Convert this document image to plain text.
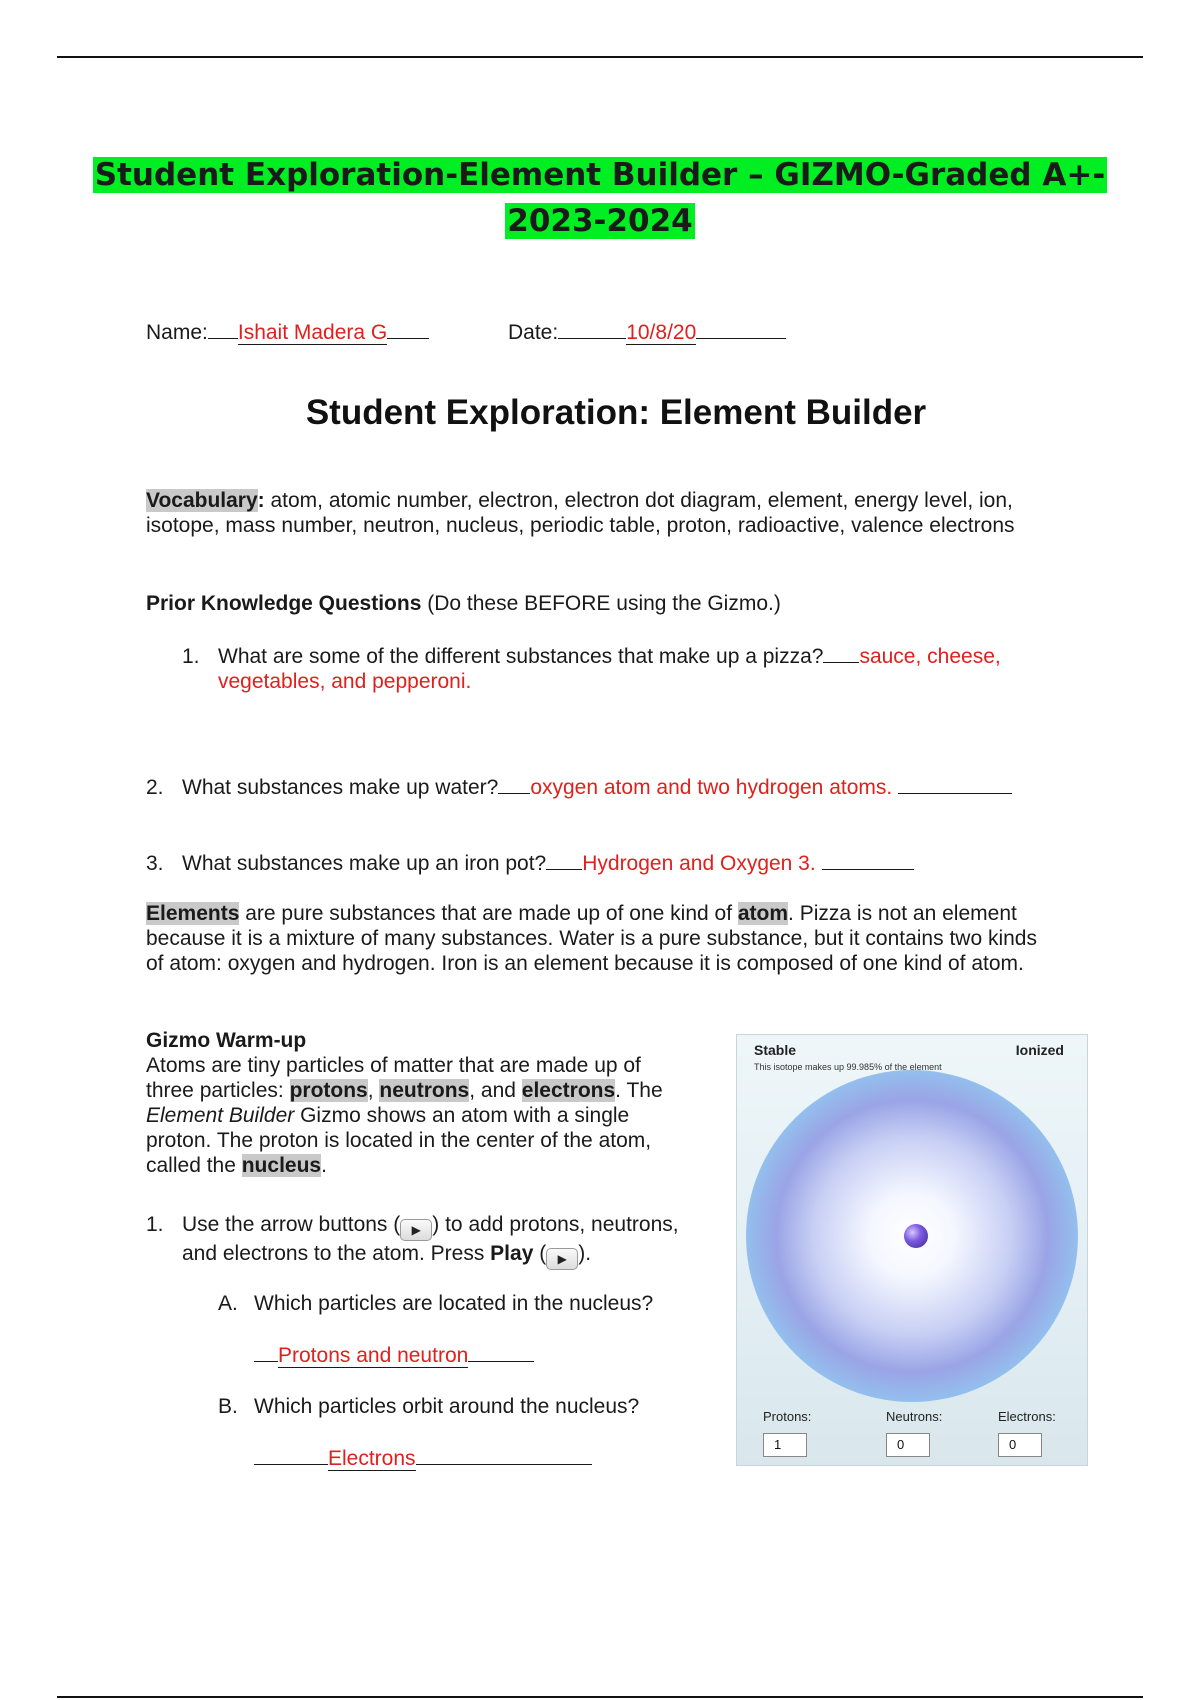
Student Exploration-Element Builder – GIZMO-Graded A+-
2023-2024
Name: Ishait Madera G	Date:	10/8/20
Student Exploration: Element Builder
Vocabulary: atom, atomic number, electron, electron dot diagram, element, energy level, ion,
isotope, mass number, neutron, nucleus, periodic table, proton, radioactive, valence electrons
Prior Knowledge Questions (Do these BEFORE using the Gizmo.)
1. What are some of the different substances that make up a pizza? sauce, cheese,
vegetables, and pepperoni.
2. What substances make up water? oxygen atom and two hydrogen atoms.
3. What substances make up an iron pot? Hydrogen and Oxygen 3.
Elements are pure substances that are made up of one kind of atom. Pizza is not an element
because it is a mixture of many substances. Water is a pure substance, but it contains two kinds
of atom: oxygen and hydrogen. Iron is an element because it is composed of one kind of atom.
Gizmo Warm-up
Atoms are tiny particles of matter that are made up of
three particles: protons, neutrons, and electrons. The
Element Builder Gizmo shows an atom with a single
proton. The proton is located in the center of the atom,
called the nucleus.
1. Use the arrow buttons ( ▶ ) to add protons, neutrons,
and electrons to the atom. Press Play ( ▶ ).
A. Which particles are located in the nucleus?
Protons and neutron
B. Which particles orbit around the nucleus?
Electrons
Stable	Ionized
This isotope makes up 99.985% of the element
Protons:	Neutrons:	Electrons:
1	0	0
